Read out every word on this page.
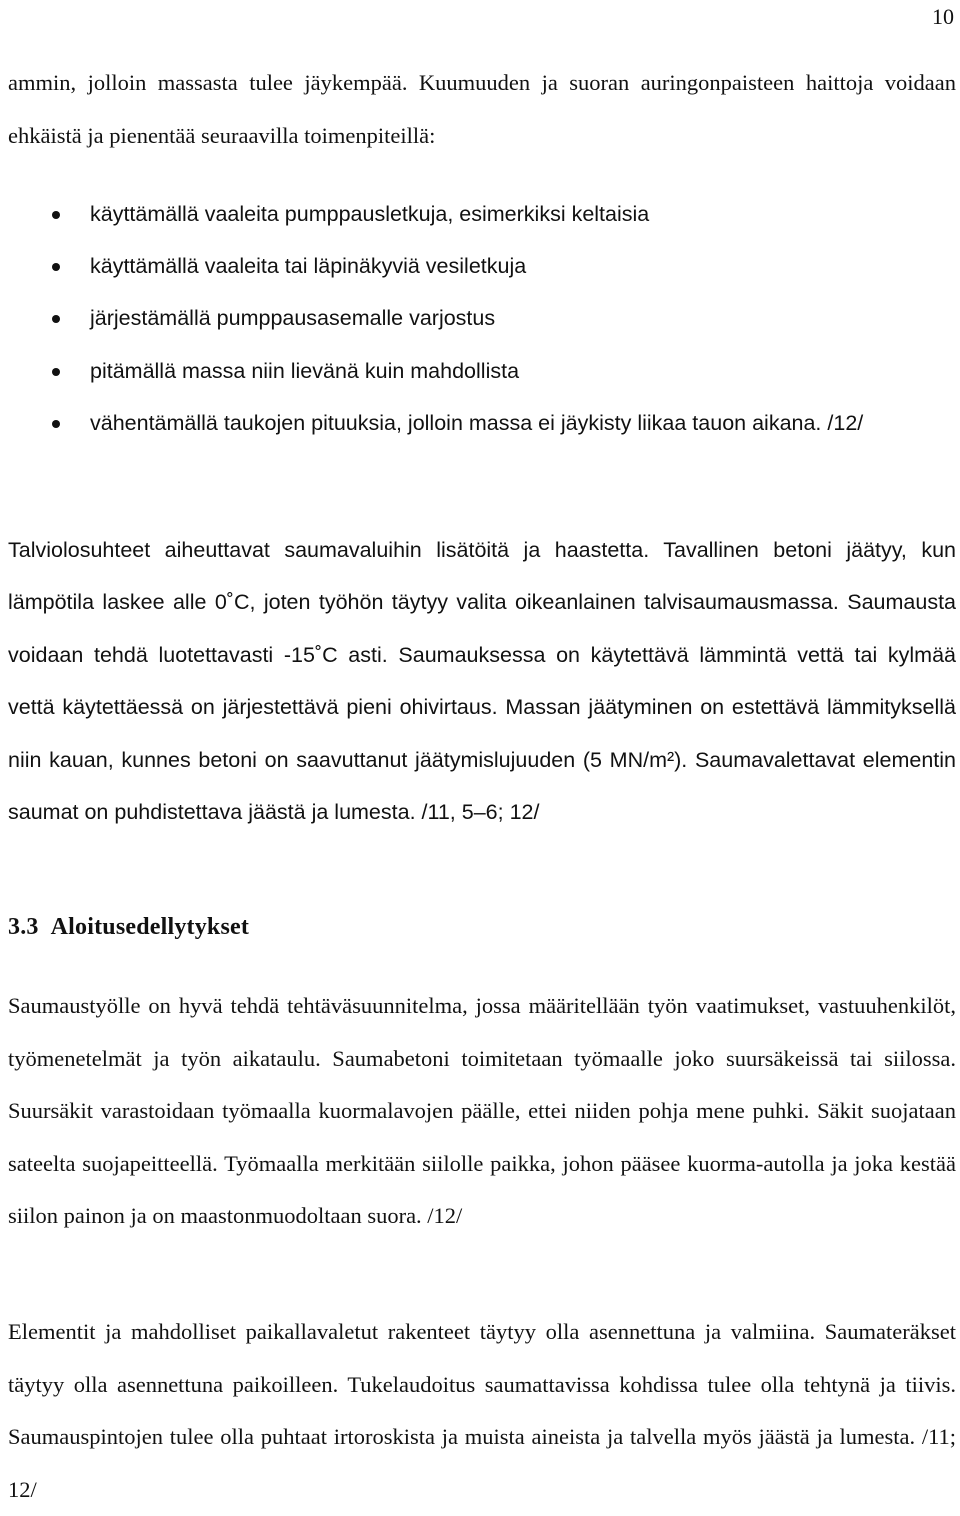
10

ammin, jolloin massasta tulee jäykempää. Kuumuuden ja suoran auringonpaisteen haittoja voidaan ehkäistä ja pienentää seuraavilla toimenpiteillä:

käyttämällä vaaleita pumppausletkuja, esimerkiksi keltaisia
käyttämällä vaaleita tai läpinäkyviä vesiletkuja
järjestämällä pumppausasemalle varjostus
pitämällä massa niin lievänä kuin mahdollista
vähentämällä taukojen pituuksia, jolloin massa ei jäykisty liikaa tauon aikana. /12/

Talviolosuhteet aiheuttavat saumavaluihin lisätöitä ja haastetta. Tavallinen betoni jäätyy, kun lämpötila laskee alle 0˚C, joten työhön täytyy valita oikeanlainen talvisaumausmassa. Saumausta voidaan tehdä luotettavasti -15˚C asti. Saumauksessa on käytettävä lämmintä vettä tai kylmää vettä käytettäessä on järjestettävä pieni ohivirtaus. Massan jäätyminen on estettävä lämmityksellä niin kauan, kunnes betoni on saavuttanut jäätymislujuuden (5 MN/m²). Saumavalettavat elementin saumat on puhdistettava jäästä ja lumesta. /11, 5–6; 12/

3.3 Aloitusedellytykset

Saumaustyölle on hyvä tehdä tehtäväsuunnitelma, jossa määritellään työn vaatimukset, vastuuhenkilöt, työmenetelmät ja työn aikataulu. Saumabetoni toimitetaan työmaalle joko suursäkeissä tai siilossa. Suursäkit varastoidaan työmaalla kuormalavojen päälle, ettei niiden pohja mene puhki. Säkit suojataan sateelta suojapeitteellä. Työmaalla merkitään siilolle paikka, johon pääsee kuorma-autolla ja joka kestää siilon painon ja on maastonmuodoltaan suora. /12/

Elementit ja mahdolliset paikallavaletut rakenteet täytyy olla asennettuna ja valmiina. Saumateräkset täytyy olla asennettuna paikoilleen. Tukelaudoitus saumattavissa kohdissa tulee olla tehtynä ja tiivis. Saumauspintojen tulee olla puhtaat irtoroskista ja muista aineista ja talvella myös jäästä ja lumesta. /11; 12/
